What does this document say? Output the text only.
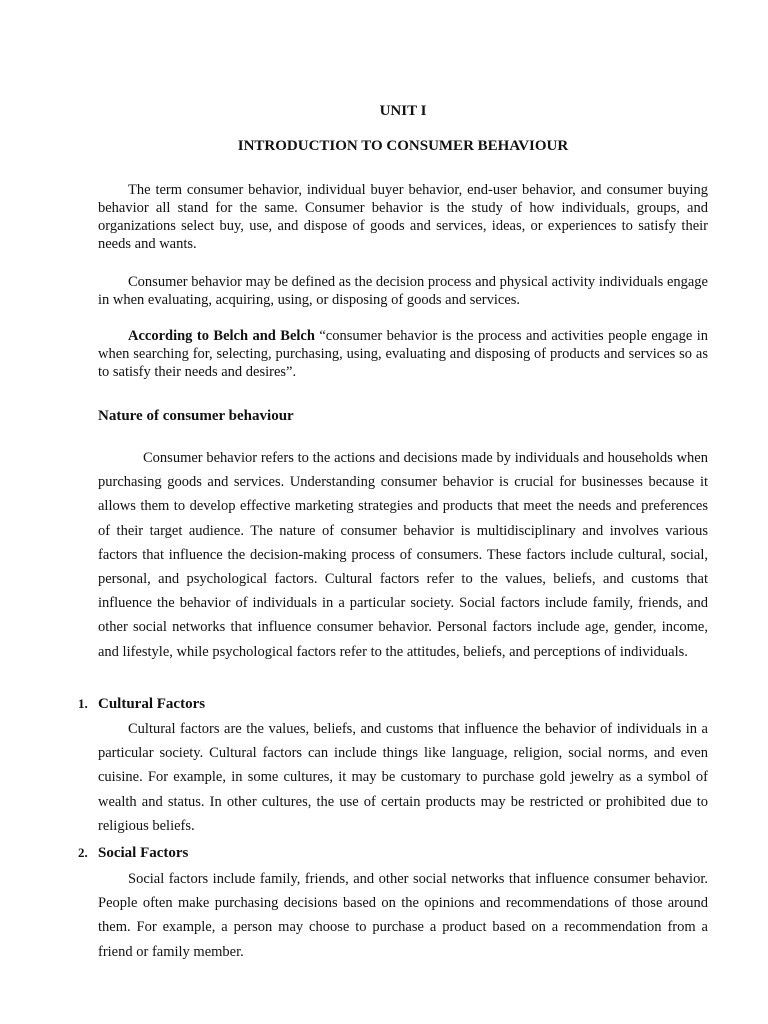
UNIT I
INTRODUCTION TO CONSUMER BEHAVIOUR

The term consumer behavior, individual buyer behavior, end-user behavior, and consumer buying behavior all stand for the same. Consumer behavior is the study of how individuals, groups, and organizations select buy, use, and dispose of goods and services, ideas, or experiences to satisfy their needs and wants.

Consumer behavior may be defined as the decision process and physical activity individuals engage in when evaluating, acquiring, using, or disposing of goods and services.

According to Belch and Belch “consumer behavior is the process and activities people engage in when searching for, selecting, purchasing, using, evaluating and disposing of products and services so as to satisfy their needs and desires”.

Nature of consumer behaviour

Consumer behavior refers to the actions and decisions made by individuals and households when purchasing goods and services. Understanding consumer behavior is crucial for businesses because it allows them to develop effective marketing strategies and products that meet the needs and preferences of their target audience. The nature of consumer behavior is multidisciplinary and involves various factors that influence the decision-making process of consumers. These factors include cultural, social, personal, and psychological factors. Cultural factors refer to the values, beliefs, and customs that influence the behavior of individuals in a particular society. Social factors include family, friends, and other social networks that influence consumer behavior. Personal factors include age, gender, income, and lifestyle, while psychological factors refer to the attitudes, beliefs, and perceptions of individuals.

1. Cultural Factors

Cultural factors are the values, beliefs, and customs that influence the behavior of individuals in a particular society. Cultural factors can include things like language, religion, social norms, and even cuisine. For example, in some cultures, it may be customary to purchase gold jewelry as a symbol of wealth and status. In other cultures, the use of certain products may be restricted or prohibited due to religious beliefs.

2. Social Factors

Social factors include family, friends, and other social networks that influence consumer behavior. People often make purchasing decisions based on the opinions and recommendations of those around them. For example, a person may choose to purchase a product based on a recommendation from a friend or family member.
